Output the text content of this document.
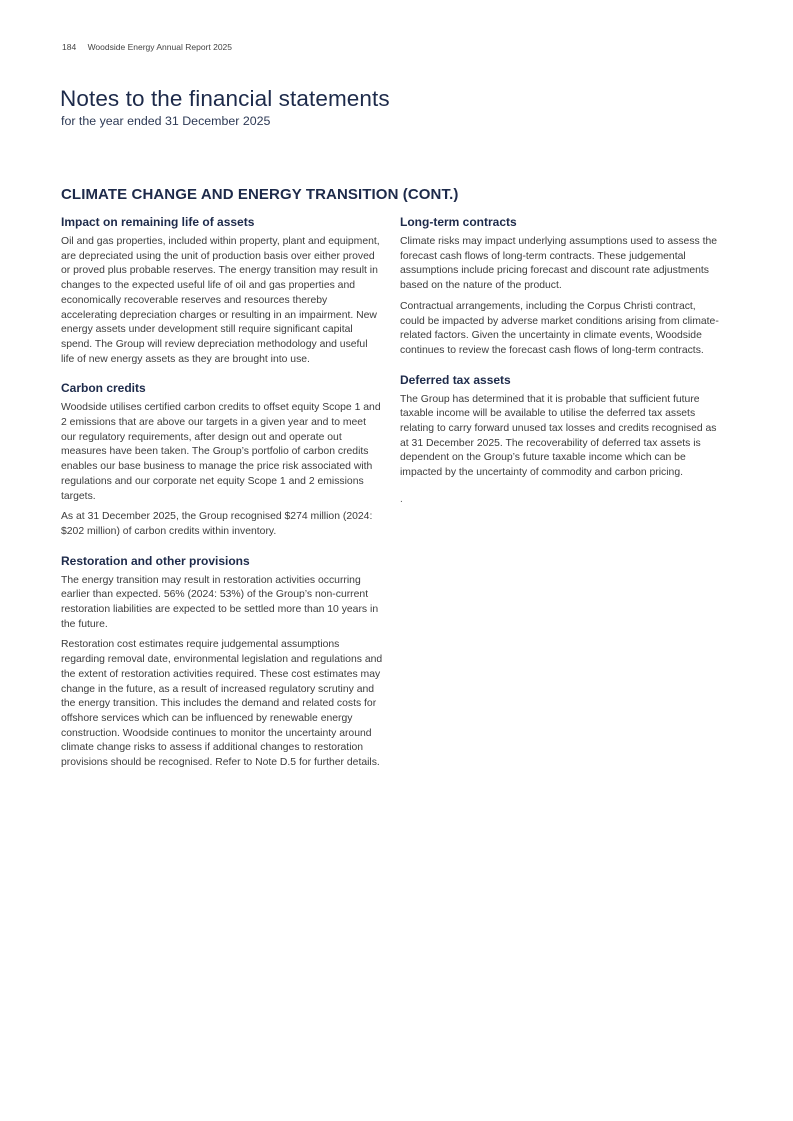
184 Woodside Energy Annual Report 2025
Notes to the financial statements

for the year ended 31 December 2025

CLIMATE CHANGE AND ENERGY TRANSITION (CONT.)
Impact on remaining life of assets

Oil and gas properties, included within property, plant and equipment, are depreciated using the unit of production basis over either proved or proved plus probable reserves. The energy transition may result in changes to the expected useful life of oil and gas properties and economically recoverable reserves and resources thereby accelerating depreciation charges or resulting in an impairment. New energy assets under development still require significant capital spend. The Group will review depreciation methodology and useful life of new energy assets as they are brought into use.

Carbon credits

Woodside utilises certified carbon credits to offset equity Scope 1 and 2 emissions that are above our targets in a given year and to meet our regulatory requirements, after design out and operate out measures have been taken. The Group’s portfolio of carbon credits enables our base business to manage the price risk associated with regulations and our corporate net equity Scope 1 and 2 emissions targets.

As at 31 December 2025, the Group recognised $274 million (2024: $202 million) of carbon credits within inventory.

Restoration and other provisions

The energy transition may result in restoration activities occurring earlier than expected. 56% (2024: 53%) of the Group’s non-current restoration liabilities are expected to be settled more than 10 years in the future.

Restoration cost estimates require judgemental assumptions regarding removal date, environmental legislation and regulations and the extent of restoration activities required. These cost estimates may change in the future, as a result of increased regulatory scrutiny and the energy transition. This includes the demand and related costs for offshore services which can be influenced by renewable energy construction. Woodside continues to monitor the uncertainty around climate change risks to assess if additional changes to restoration provisions should be recognised. Refer to Note D.5 for further details.

Long-term contracts

Climate risks may impact underlying assumptions used to assess the forecast cash flows of long-term contracts. These judgemental assumptions include pricing forecast and discount rate adjustments based on the nature of the product.

Contractual arrangements, including the Corpus Christi contract, could be impacted by adverse market conditions arising from climate-related factors. Given the uncertainty in climate events, Woodside continues to review the forecast cash flows of long-term contracts.

Deferred tax assets

The Group has determined that it is probable that sufficient future taxable income will be available to utilise the deferred tax assets relating to carry forward unused tax losses and credits recognised as at 31 December 2025. The recoverability of deferred tax assets is dependent on the Group’s future taxable income which can be impacted by the uncertainty of commodity and carbon pricing.

.
